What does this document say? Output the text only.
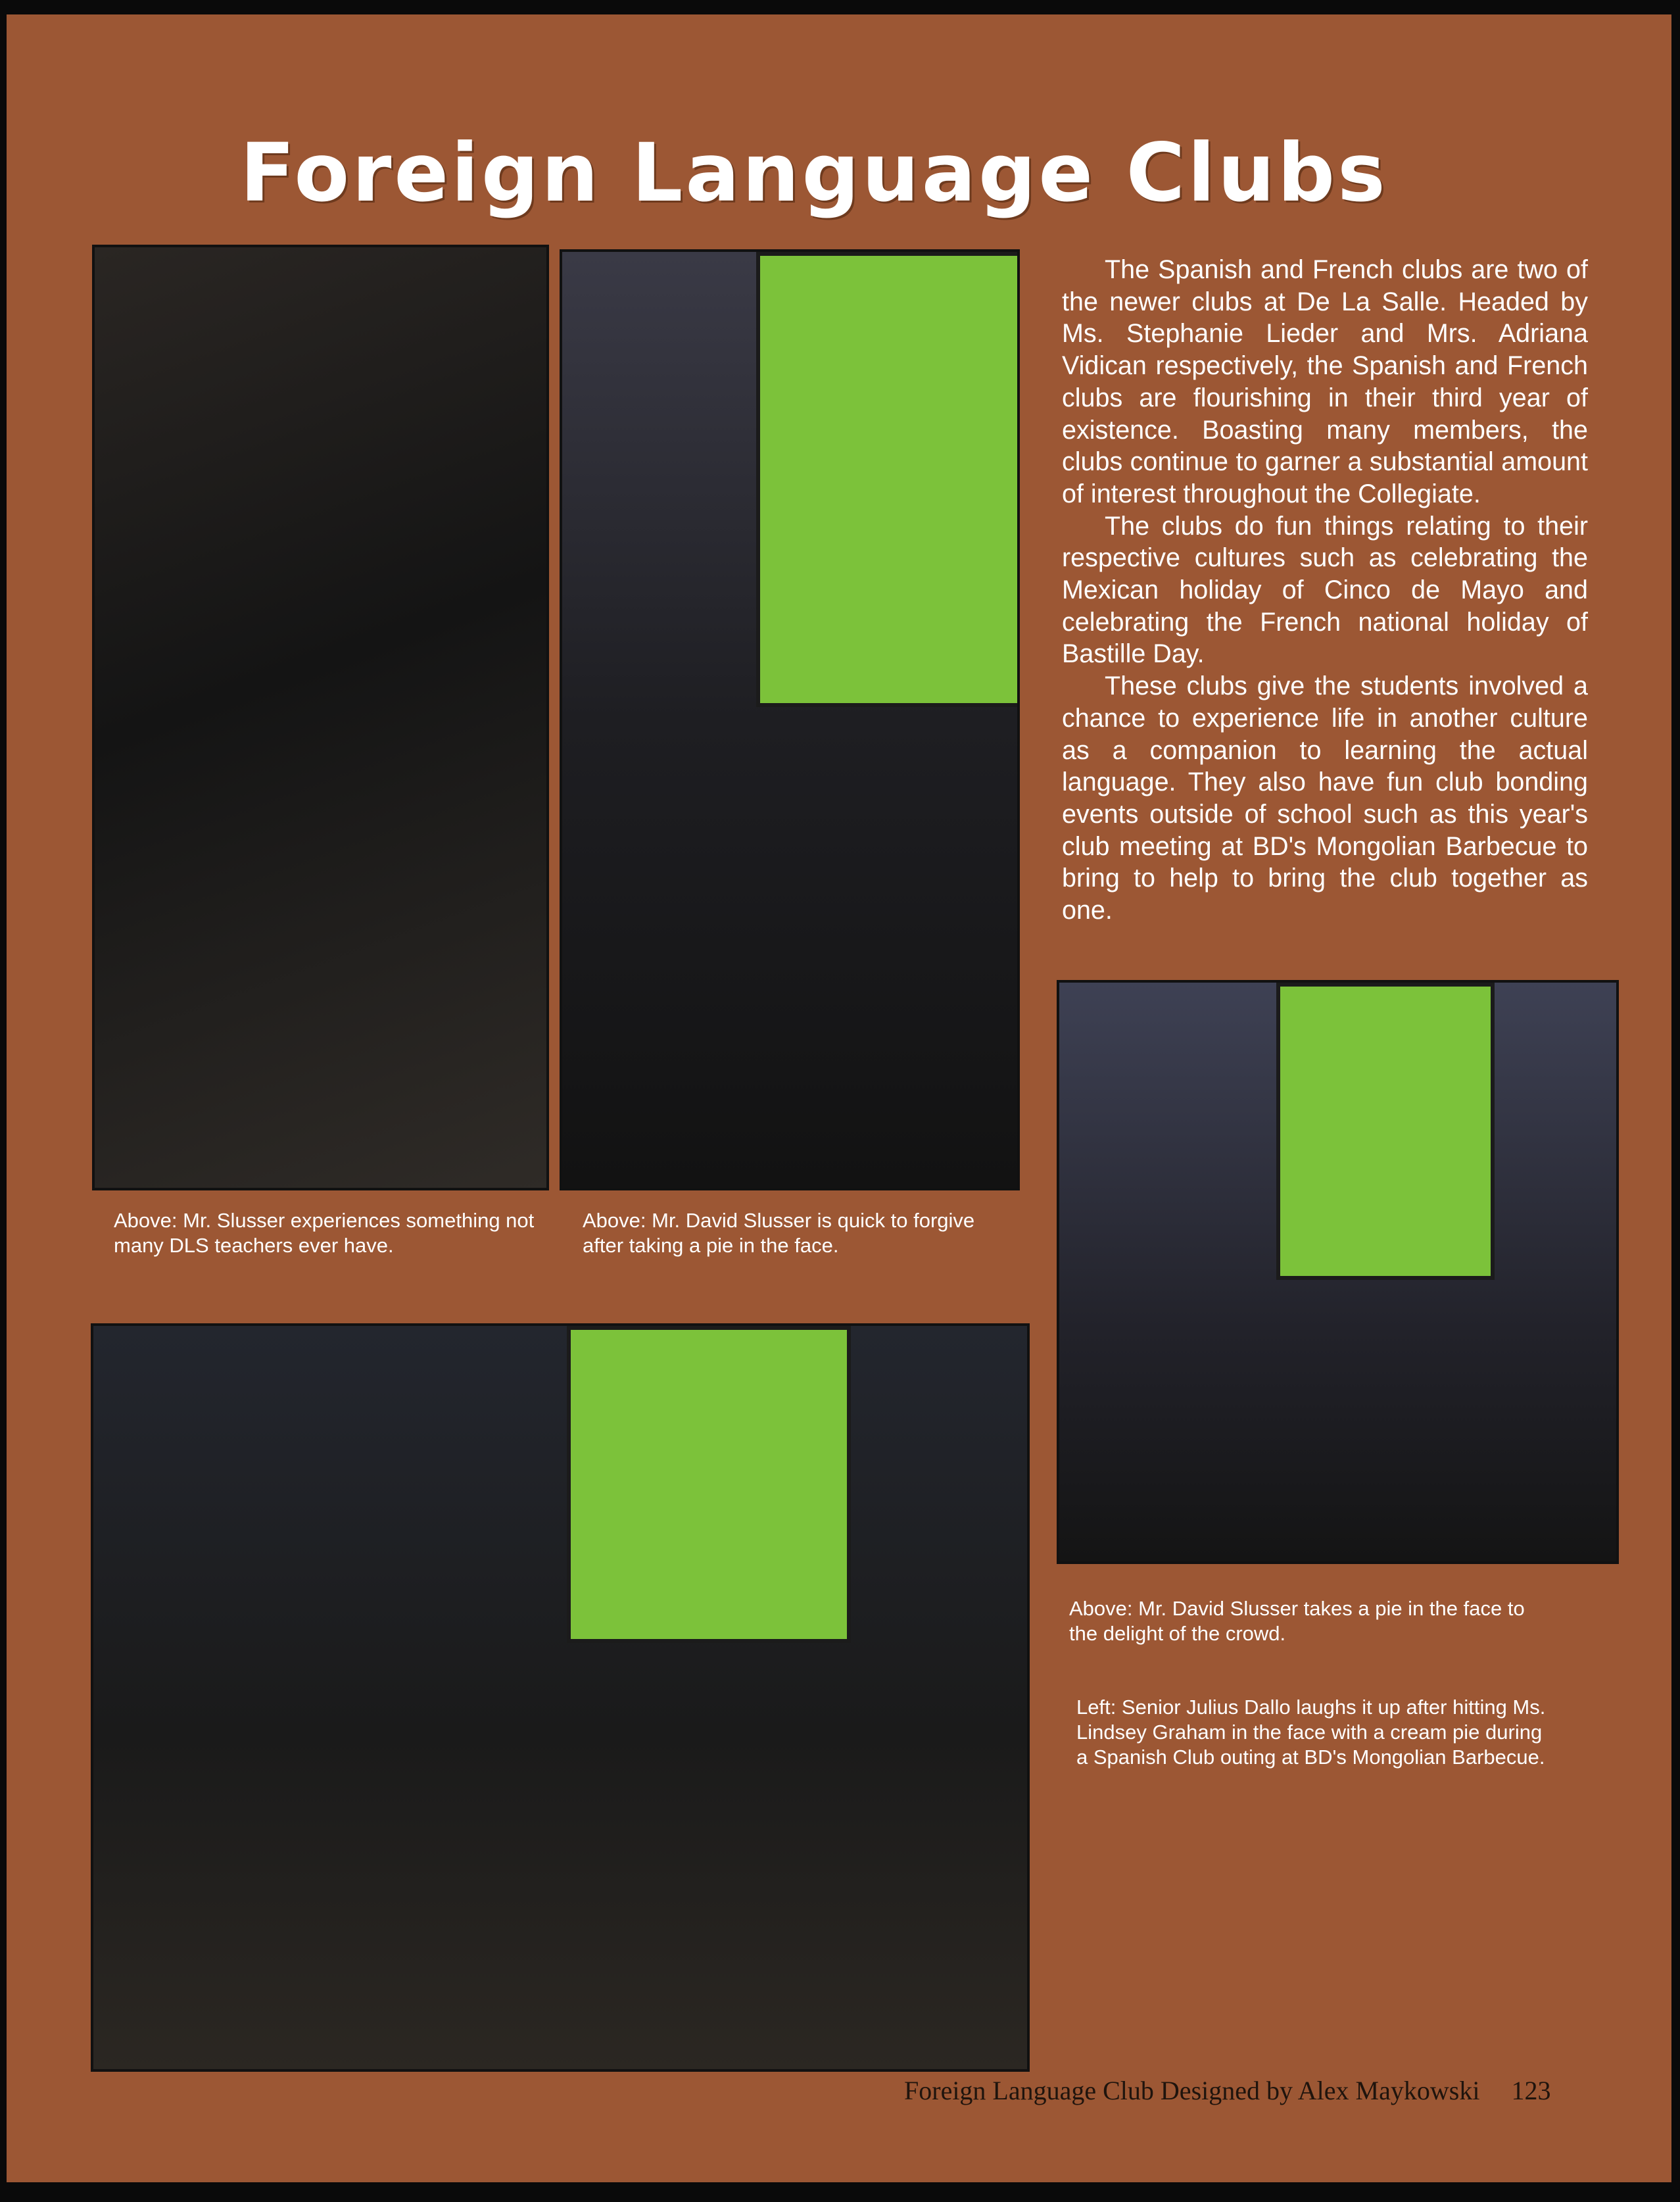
Foreign Language Clubs

The Spanish and French clubs are two of the newer clubs at De La Salle. Headed by Ms. Stephanie Lieder and Mrs. Adriana Vidican respectively, the Spanish and French clubs are flourishing in their third year of existence. Boasting many members, the clubs continue to garner a substantial amount of interest throughout the Collegiate.

The clubs do fun things relating to their respective cultures such as celebrating the Mexican holiday of Cinco de Mayo and celebrating the French national holiday of Bastille Day.

These clubs give the students involved a chance to experience life in another culture as a companion to learning the actual language. They also have fun club bonding events outside of school such as this year's club meeting at BD's Mongolian Barbecue to bring to help to bring the club together as one.

Above: Mr. Slusser experiences something not many DLS teachers ever have.

Above: Mr. David Slusser is quick to forgive after taking a pie in the face.

Above: Mr. David Slusser takes a pie in the face to the delight of the crowd.

Left: Senior Julius Dallo laughs it up after hitting Ms. Lindsey Graham in the face with a cream pie during a Spanish Club outing at BD's Mongolian Barbecue.

Foreign Language Club Designed by Alex Maykowski 123
